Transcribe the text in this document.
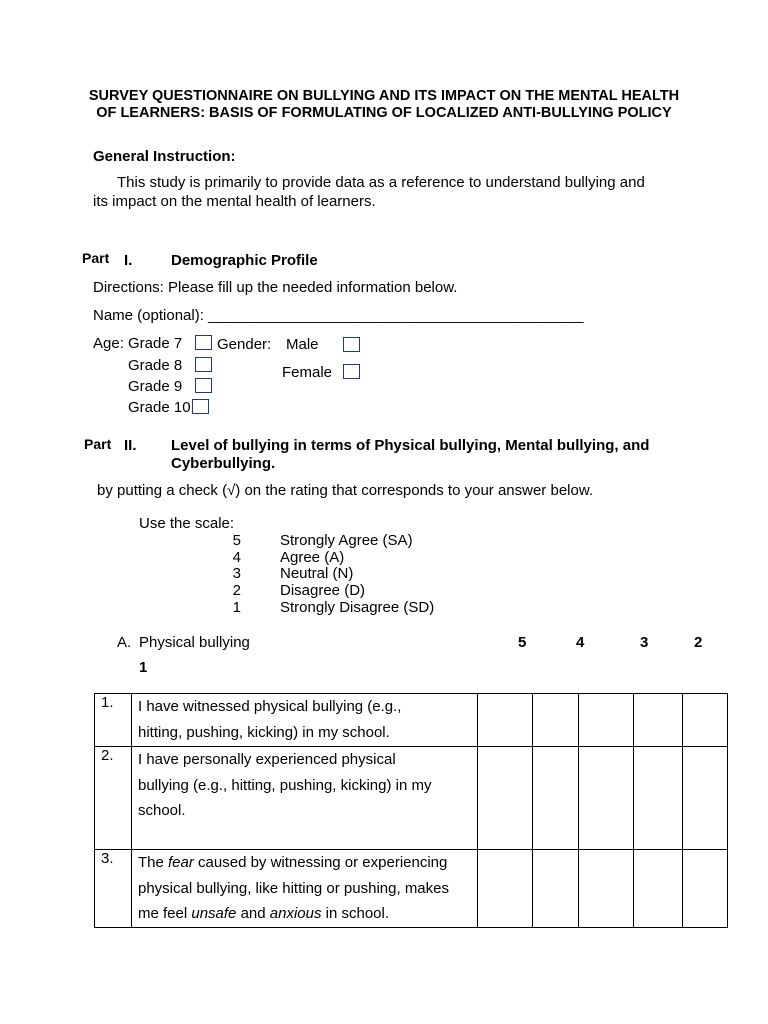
SURVEY QUESTIONNAIRE ON BULLYING AND ITS IMPACT ON THE MENTAL HEALTH OF LEARNERS: BASIS OF FORMULATING OF LOCALIZED ANTI-BULLYING POLICY
General Instruction:
This study is primarily to provide data as a reference to understand bullying and
its impact on the mental health of learners.
Part I.	Demographic Profile
Directions: Please fill up the needed information below.
Name (optional): _____________________________________________
Age: Grade 7 Gender: Male
Grade 8	Female
Grade 9
Grade 10
Part II. Level of bullying in terms of Physical bullying, Mental bullying, and
Cyberbullying.
by putting a check (√) on the rating that corresponds to your answer below.
Use the scale:
5	Strongly Agree (SA)
4	Agree (A)
3	Neutral (N)
2	Disagree (D)
1	Strongly Disagree (SD)
A. Physical bullying	5	4	3	2
1
1.	I have witnessed physical bullying (e.g.,
hitting, pushing, kicking) in my school.					

2.	I have personally experienced physical
bullying (e.g., hitting, pushing, kicking) in my
school.					

3.	The fear caused by witnessing or experiencing
physical bullying, like hitting or pushing, makes
me feel unsafe and anxious in school.					
